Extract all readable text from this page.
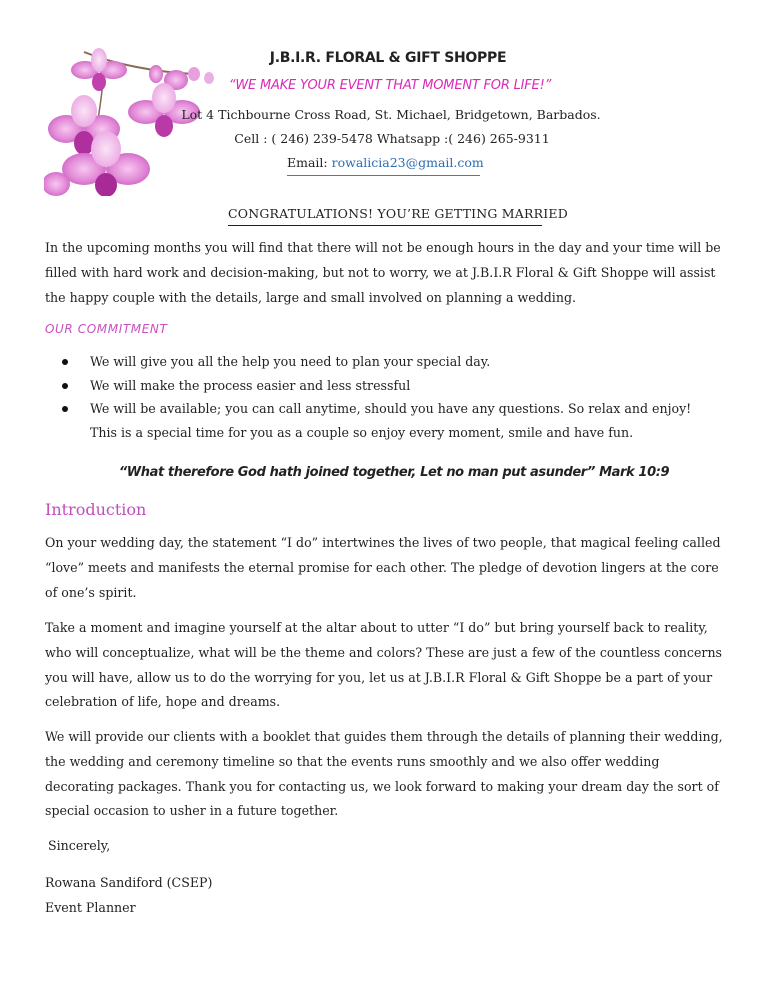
J.B.I.R. FLORAL & GIFT SHOPPE
“WE MAKE YOUR EVENT THAT MOMENT FOR LIFE!”
Lot 4 Tichbourne Cross Road, St. Michael, Bridgetown, Barbados.
Cell : ( 246) 239-5478 Whatsapp :( 246) 265-9311
Email: rowalicia23@gmail.com
CONGRATULATIONS! YOU’RE GETTING MARRIED
In the upcoming months you will find that there will not be enough hours in the day and your time will be filled with hard work and decision-making, but not to worry, we at J.B.I.R Floral & Gift Shoppe will assist the happy couple with the details, large and small involved on planning a wedding.
OUR COMMITMENT
We will give you all the help you need to plan your special day.
We will make the process easier and less stressful
We will be available; you can call anytime, should you have any questions. So relax and enjoy! This is a special time for you as a couple so enjoy every moment, smile and have fun.
“What therefore God hath joined together, Let no man put asunder” Mark 10:9
Introduction
On your wedding day, the statement “I do” intertwines the lives of two people, that magical feeling called “love” meets and manifests the eternal promise for each other. The pledge of devotion lingers at the core of one’s spirit.
Take a moment and imagine yourself at the altar about to utter “I do” but bring yourself back to reality, who will conceptualize, what will be the theme and colors? These are just a few of the countless concerns you will have, allow us to do the worrying for you, let us at J.B.I.R Floral & Gift Shoppe be a part of your celebration of life, hope and dreams.
We will provide our clients with a booklet that guides them through the details of planning their wedding, the wedding and ceremony timeline so that the events runs smoothly and we also offer wedding decorating packages. Thank you for contacting us, we look forward to making your dream day the sort of special occasion to usher in a future together.
Sincerely,
Rowana Sandiford (CSEP)
Event Planner
